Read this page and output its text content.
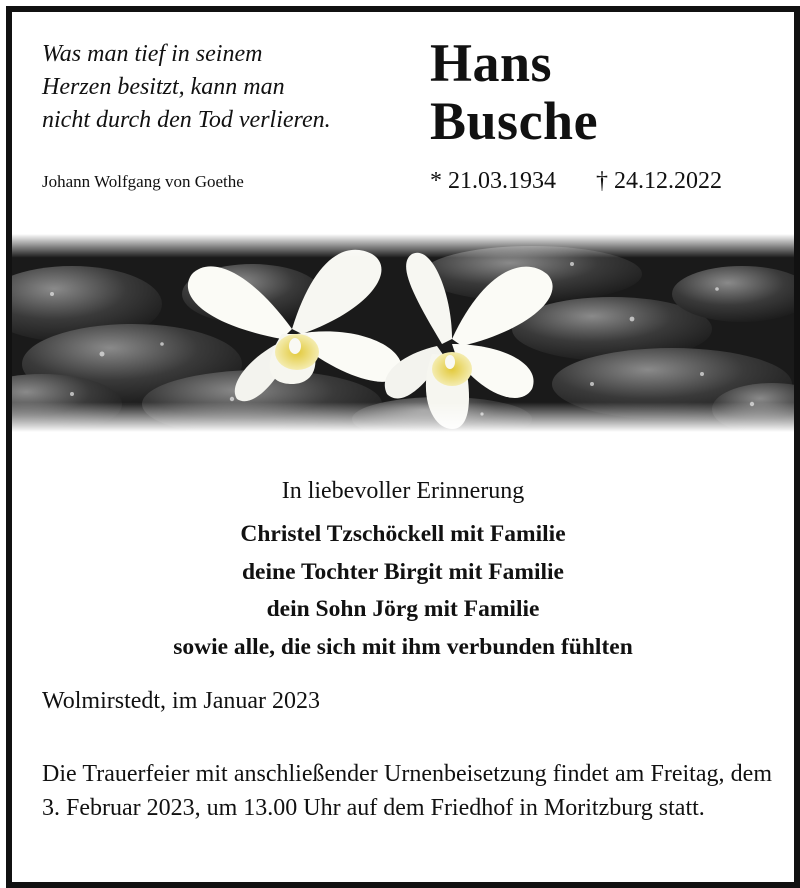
Was man tief in seinem
Herzen besitzt, kann man
nicht durch den Tod verlieren.
Johann Wolfgang von Goethe
Hans
Busche
* 21.03.1934 † 24.12.2022
In liebevoller Erinnerung
Christel Tzschöckell mit Familie
deine Tochter Birgit mit Familie
dein Sohn Jörg mit Familie
sowie alle, die sich mit ihm verbunden fühlten
Wolmirstedt, im Januar 2023
Die Trauerfeier mit anschließender Urnenbeisetzung findet am Freitag, dem 3. Februar 2023, um 13.00 Uhr auf dem Friedhof in Moritzburg statt.
